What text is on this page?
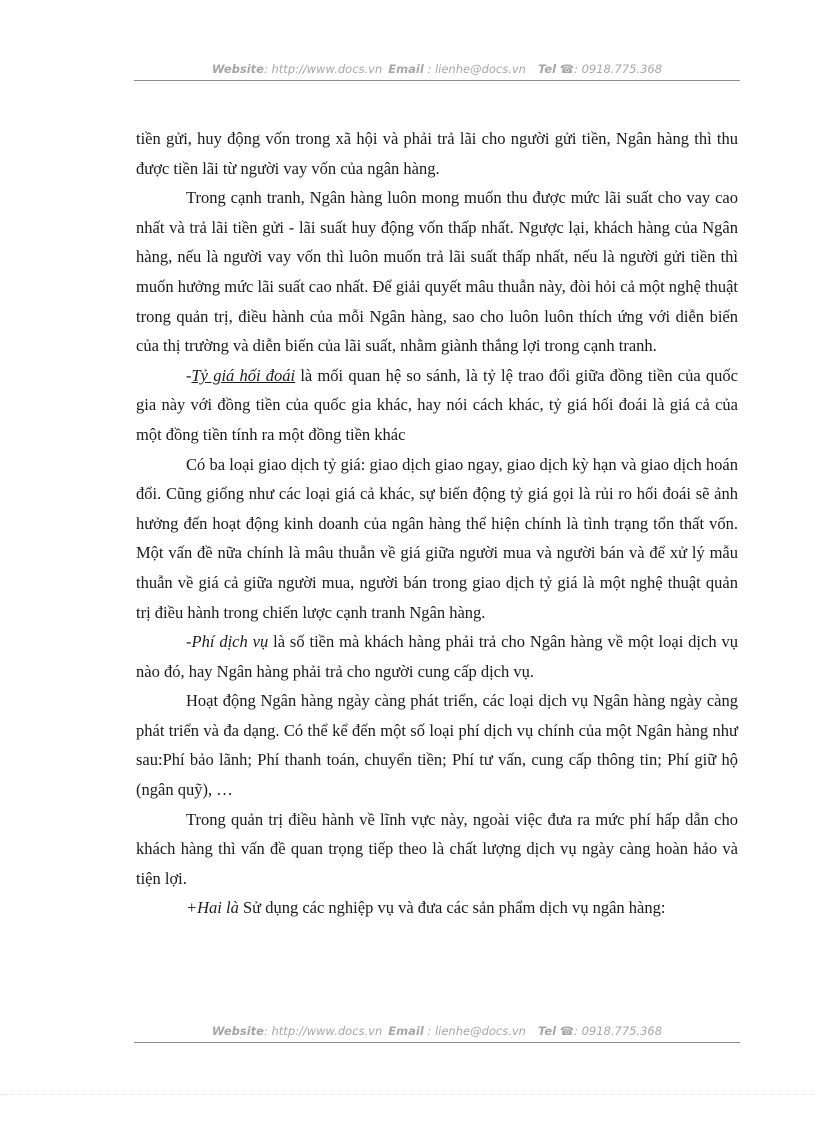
Website: http://www.docs.vn Email : lienhe@docs.vn Tel ☎: 0918.775.368

tiền gửi, huy động vốn trong xã hội và phải trả lãi cho người gửi tiền, Ngân hàng thì thu được tiền lãi từ người vay vốn của ngân hàng.

Trong cạnh tranh, Ngân hàng luôn mong muốn thu được mức lãi suất cho vay cao nhất và trả lãi tiền gửi - lãi suất huy động vốn thấp nhất. Ngược lại, khách hàng của Ngân hàng, nếu là người vay vốn thì luôn muốn trả lãi suất thấp nhất, nếu là người gửi tiền thì muốn hưởng mức lãi suất cao nhất. Để giải quyết mâu thuẫn này, đòi hỏi cả một nghệ thuật trong quản trị, điều hành của mỗi Ngân hàng, sao cho luôn luôn thích ứng với diễn biến của thị trường và diễn biến của lãi suất, nhằm giành thắng lợi trong cạnh tranh.

-Tỷ giá hối đoái là mối quan hệ so sánh, là tỷ lệ trao đổi giữa đồng tiền của quốc gia này với đồng tiền của quốc gia khác, hay nói cách khác, tỷ giá hối đoái là giá cả của một đồng tiền tính ra một đồng tiền khác

Có ba loại giao dịch tỷ giá: giao dịch giao ngay, giao dịch kỳ hạn và giao dịch hoán đổi. Cũng giống như các loại giá cả khác, sự biến động tỷ giá gọi là rủi ro hối đoái sẽ ảnh hưởng đến hoạt động kinh doanh của ngân hàng thể hiện chính là tình trạng tổn thất vốn. Một vấn đề nữa chính là mâu thuẫn về giá giữa người mua và người bán và để xử lý mẫu thuẫn về giá cả giữa người mua, người bán trong giao dịch tỷ giá là một nghệ thuật quản trị điều hành trong chiến lược cạnh tranh Ngân hàng.

-Phí dịch vụ là số tiền mà khách hàng phải trả cho Ngân hàng về một loại dịch vụ nào đó, hay Ngân hàng phải trả cho người cung cấp dịch vụ.

Hoạt động Ngân hàng ngày càng phát triển, các loại dịch vụ Ngân hàng ngày càng phát triển và đa dạng. Có thể kể đến một số loại phí dịch vụ chính của một Ngân hàng như sau:Phí bảo lãnh; Phí thanh toán, chuyển tiền; Phí tư vấn, cung cấp thông tin; Phí giữ hộ (ngân quỹ), …

Trong quản trị điều hành về lĩnh vực này, ngoài việc đưa ra mức phí hấp dẫn cho khách hàng thì vấn đề quan trọng tiếp theo là chất lượng dịch vụ ngày càng hoàn hảo và tiện lợi.

+Hai là Sử dụng các nghiệp vụ và đưa các sản phẩm dịch vụ ngân hàng:

Website: http://www.docs.vn Email : lienhe@docs.vn Tel ☎: 0918.775.368
